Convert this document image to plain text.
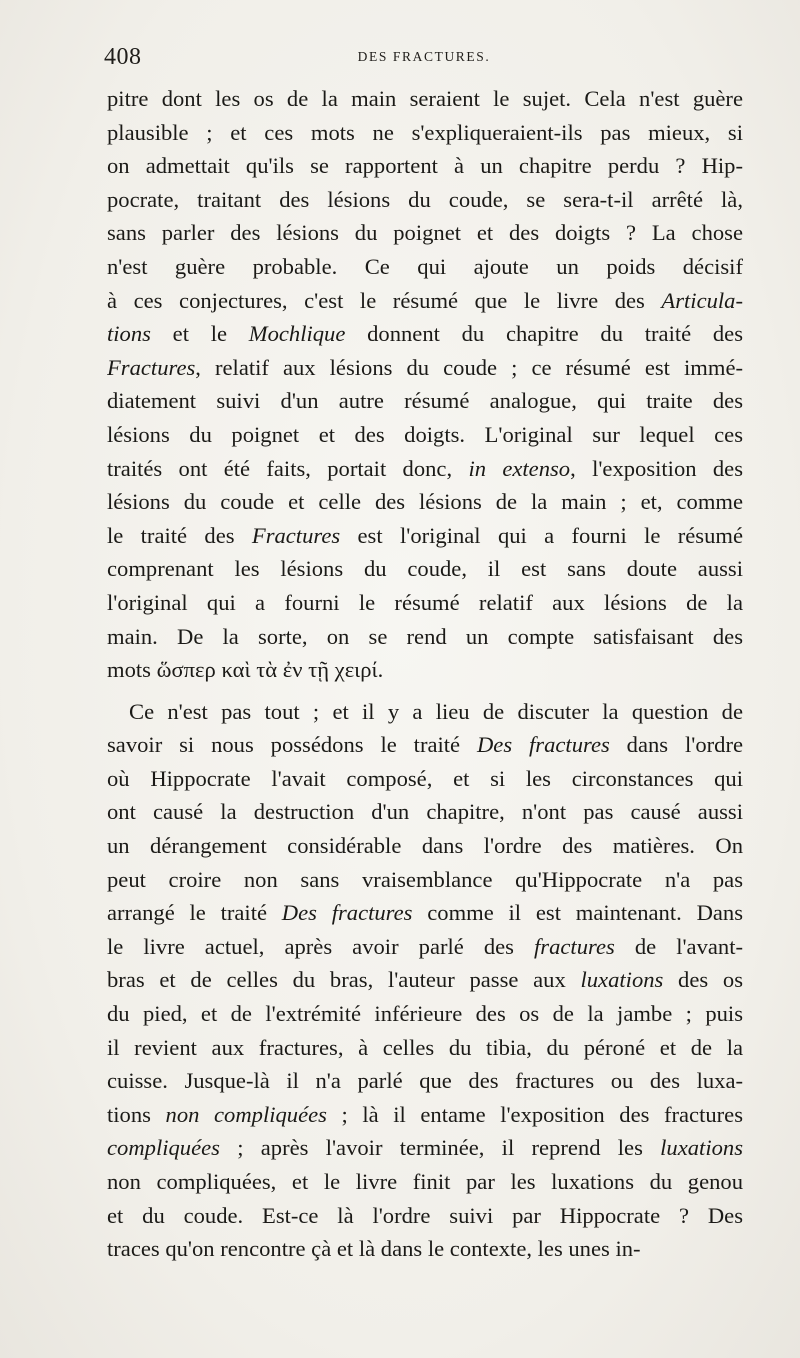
408	DES FRACTURES.
pitre dont les os de la main seraient le sujet. Cela n'est guère
plausible ; et ces mots ne s'expliqueraient-ils pas mieux, si
on admettait qu'ils se rapportent à un chapitre perdu ? Hip-
pocrate, traitant des lésions du coude, se sera-t-il arrêté là,
sans parler des lésions du poignet et des doigts ? La chose
n'est guère probable. Ce qui ajoute un poids décisif
à ces conjectures, c'est le résumé que le livre des Articula-
tions et le Mochlique donnent du chapitre du traité des
Fractures, relatif aux lésions du coude ; ce résumé est immé-
diatement suivi d'un autre résumé analogue, qui traite des
lésions du poignet et des doigts. L'original sur lequel ces
traités ont été faits, portait donc, in extenso, l'exposition des
lésions du coude et celle des lésions de la main ; et, comme
le traité des Fractures est l'original qui a fourni le résumé
comprenant les lésions du coude, il est sans doute aussi
l'original qui a fourni le résumé relatif aux lésions de la
main. De la sorte, on se rend un compte satisfaisant des
mots ὥσπερ καὶ τὰ ἐν τῇ χειρί.
Ce n'est pas tout ; et il y a lieu de discuter la question de
savoir si nous possédons le traité Des fractures dans l'ordre
où Hippocrate l'avait composé, et si les circonstances qui
ont causé la destruction d'un chapitre, n'ont pas causé aussi
un dérangement considérable dans l'ordre des matières. On
peut croire non sans vraisemblance qu'Hippocrate n'a pas
arrangé le traité Des fractures comme il est maintenant. Dans
le livre actuel, après avoir parlé des fractures de l'avant-
bras et de celles du bras, l'auteur passe aux luxations des os
du pied, et de l'extrémité inférieure des os de la jambe ; puis
il revient aux fractures, à celles du tibia, du péroné et de la
cuisse. Jusque-là il n'a parlé que des fractures ou des luxa-
tions non compliquées ; là il entame l'exposition des fractures
compliquées ; après l'avoir terminée, il reprend les luxations
non compliquées, et le livre finit par les luxations du genou
et du coude. Est-ce là l'ordre suivi par Hippocrate ? Des
traces qu'on rencontre çà et là dans le contexte, les unes in-
